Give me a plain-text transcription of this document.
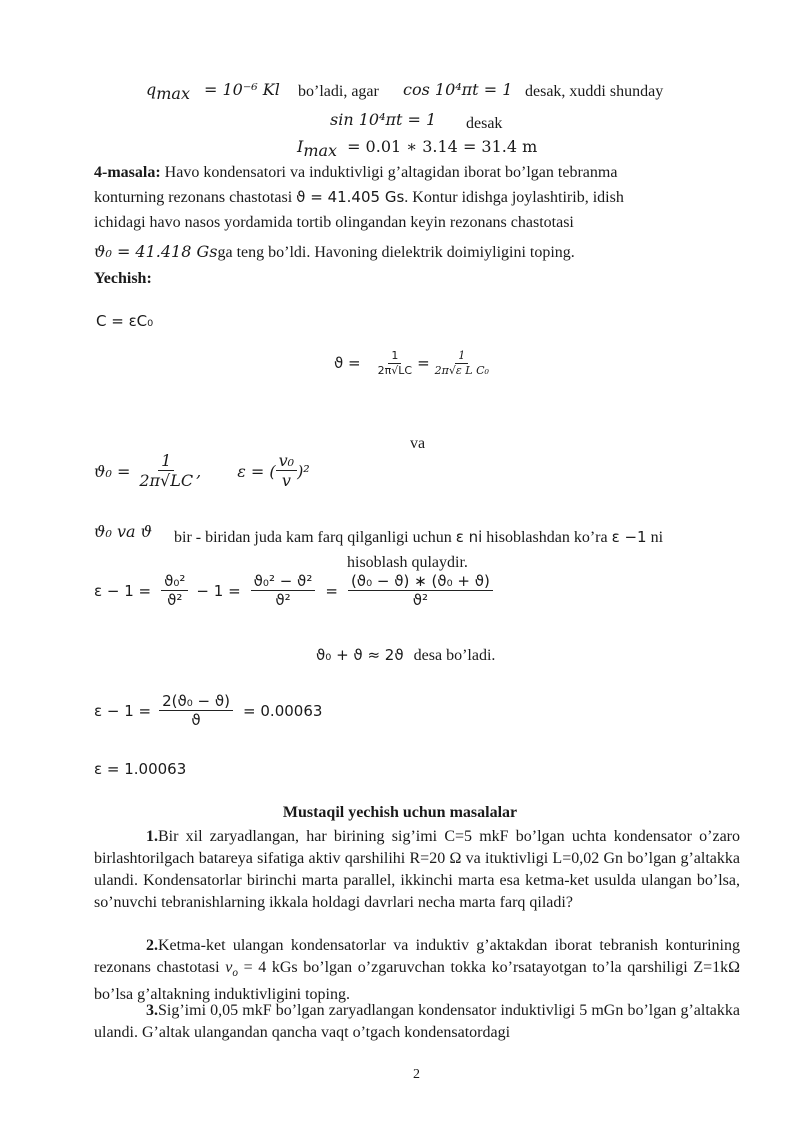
$q_{max} = 10^{-6}$ Kl bo’ladi, agar cos 10⁴πt = 1 desak, xuddi shunday
sin 10⁴πt = 1 desak
$I_{max} = 0.01$ ∗ 3.14 = 31.4 m
4-masala: Havo kondensatori va induktivligi g’altagidan iborat bo’lgan tebranma
konturning rezonans chastotasi ϑ = 41.405 Gs. Kontur idishga joylashtirib, idish
ichidagi havo nasos yordamida tortib olingandan keyin rezonans chastotasi
ϑ₀ = 41.418 Gsga teng bo’ldi. Havoning dielektrik doimiyligini toping.
Yechish:
C = εC₀
$ϑ = \frac{1}{2\pi√LC} = \frac{1}{\text{2π√ε L C₀}}$
va
$ϑ_0 = \frac{1}{2\pi√LC}$ , ε = ( $\frac{\text{v₀}}{v} )^2$
ϑ₀ va ϑ bir - biridan juda kam farq qilganligi uchun ε ni hisoblashdan ko’ra ε −1 ni
hisoblash qulaydir.
$\varepsilon - 1 = \frac{\text{ϑ₀²}}{\text{ϑ²}} - 1 = \frac{\text{ϑ₀² − ϑ²}}{\text{ϑ²}} = \frac{\text{(ϑ₀ − ϑ) ∗ (ϑ₀ + ϑ)}}{\text{ϑ²}}$
ϑ₀ + ϑ ≈ 2ϑ desa bo’ladi.
$\varepsilon - 1 = \frac{\text{2(ϑ₀ − ϑ)}}{ϑ} = 0.00063$
ε = 1.00063
Mustaqil yechish uchun masalalar
1.Bir xil zaryadlangan, har birining sig’imi C=5 mkF bo’lgan uchta kondensator o’zaro birlashtorilgach batareya sifatiga aktiv qarshilihi R=20 Ω va ituktivligi L=0,02 Gn bo’lgan g’altakka ulandi. Kondensatorlar birinchi marta parallel, ikkinchi marta esa ketma-ket usulda ulangan bo’lsa, so’nuvchi tebranishlarning ikkala holdagi davrlari necha marta farq qiladi?
2.Ketma-ket ulangan kondensatorlar va induktiv g’aktakdan iborat tebranish konturining rezonans chastotasi $v_o = 4$ kGs bo’lgan o’zgaruvchan tokka ko’rsatayotgan to’la qarshiligi Z=1kΩ bo’lsa g’altakning induktivligini toping.
3.Sig’imi 0,05 mkF bo’lgan zaryadlangan kondensator induktivligi 5 mGn bo’lgan g’altakka ulandi. G’altak ulangandan qancha vaqt o’tgach kondensatordagi
2
